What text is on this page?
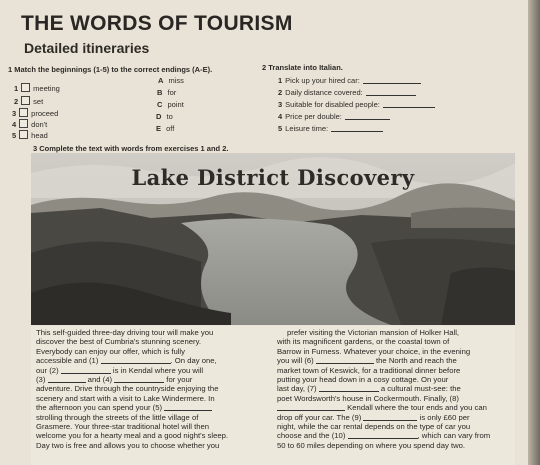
THE WORDS OF TOURISM
Detailed itineraries
1 Match the beginnings (1-5) to the correct endings (A-E).
1 meeting
2 set
3 proceed
4 don't
5 head
A miss
B for
C point
D to
E off
2 Translate into Italian.
1 Pick up your hired car:
2 Daily distance covered:
3 Suitable for disabled people:
4 Price per double:
5 Leisure time:
3 Complete the text with words from exercises 1 and 2.
Lake District Discovery

This self-guided three-day driving tour will make you

discover the best of Cumbria's stunning scenery.

Everybody can enjoy our offer, which is fully

accessible and (1)	. On day one,

our (2)	is in Kendal where you will

(3)	and (4)	for your

adventure. Drive through the countryside enjoying the

scenery and start with a visit to Lake Windermere. In

the afternoon you can spend your (5)

strolling through the streets of the little village of

Grasmere. Your three-star traditional hotel will then

welcome you for a hearty meal and a good night's sleep.

Day two is free and allows you to choose whether you

prefer visiting the Victorian mansion of Holker Hall,

with its magnificent gardens, or the coastal town of

Barrow in Furness. Whatever your choice, in the evening

you will (6)	the North and reach the

market town of Keswick, for a traditional dinner before

putting your head down in a cosy cottage. On your

last day, (7)	a cultural must-see: the

poet Wordsworth's house in Cockermouth. Finally, (8)

Kendall where the tour ends and you can

drop off your car. The (9)	is only £60 per

night, while the car rental depends on the type of car you

choose and the (10)	, which can vary from

50 to 60 miles depending on where you spend day two.
